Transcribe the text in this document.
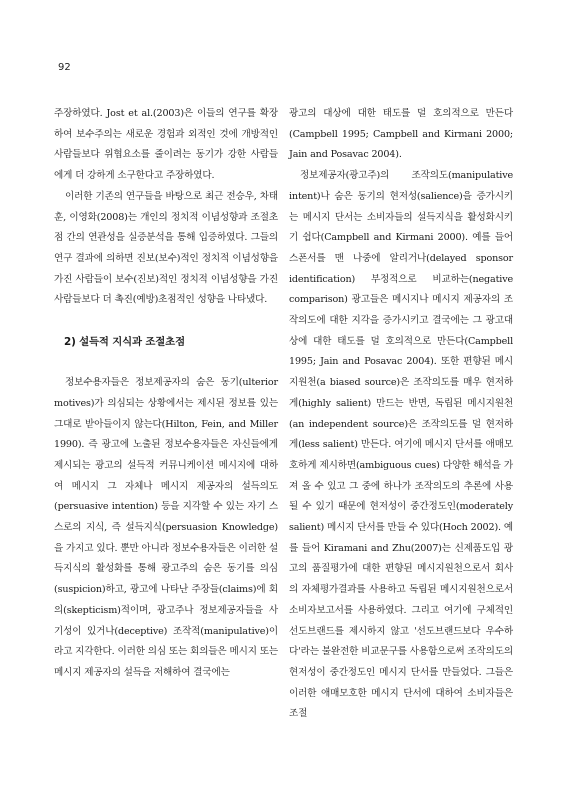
92

주장하였다. Jost et al.(2003)은 이들의 연구를 확장하여 보수주의는 새로운 경험과 외적인 것에 개방적인 사람들보다 위협요소를 줄이려는 동기가 강한 사람들에게 더 강하게 소구한다고 주장하였다.

이러한 기존의 연구들을 바탕으로 최근 전승우, 차태훈, 이영화(2008)는 개인의 정치적 이념성향과 조절초점 간의 연관성을 실증분석을 통해 입증하였다. 그들의 연구 결과에 의하면 진보(보수)적인 정치적 이념성향을 가진 사람들이 보수(진보)적인 정치적 이념성향을 가진 사람들보다 더 촉진(예방)초점적인 성향을 나타냈다.

2) 설득적 지식과 조절초점

정보수용자들은 정보제공자의 숨은 동기(ulterior motives)가 의심되는 상황에서는 제시된 정보를 있는 그대로 받아들이지 않는다(Hilton, Fein, and Miller 1990). 즉 광고에 노출된 정보수용자들은 자신들에게 제시되는 광고의 설득적 커뮤니케이션 메시지에 대하여 메시지 그 자체나 메시지 제공자의 설득의도(persuasive intention) 등을 지각할 수 있는 자기 스스로의 지식, 즉 설득지식(persuasion Knowledge)을 가지고 있다. 뿐만 아니라 정보수용자들은 이러한 설득지식의 활성화를 통해 광고주의 숨은 동기를 의심(suspicion)하고, 광고에 나타난 주장들(claims)에 회의(skepticism)적이며, 광고주나 정보제공자들을 사기성이 있거나(deceptive) 조작적(manipulative)이라고 지각한다. 이러한 의심 또는 회의들은 메시지 또는 메시지 제공자의 설득을 저해하여 결국에는

광고의 대상에 대한 태도를 덜 호의적으로 만든다(Campbell 1995; Campbell and Kirmani 2000; Jain and Posavac 2004).

정보제공자(광고주)의 조작의도(manipulative intent)나 숨은 동기의 현저성(salience)을 증가시키는 메시지 단서는 소비자들의 설득지식을 활성화시키기 쉽다(Campbell and Kirmani 2000). 예를 들어 스폰서를 맨 나중에 알리거나(delayed sponsor identification) 부정적으로 비교하는(negative comparison) 광고들은 메시지나 메시지 제공자의 조작의도에 대한 지각을 증가시키고 결국에는 그 광고대상에 대한 태도를 덜 호의적으로 만든다(Campbell 1995; Jain and Posavac 2004). 또한 편향된 메시지원천(a biased source)은 조작의도를 매우 현저하게(highly salient) 만드는 반면, 독립된 메시지원천(an independent source)은 조작의도를 덜 현저하게(less salient) 만든다. 여기에 메시지 단서를 애매모호하게 제시하면(ambiguous cues) 다양한 해석을 가져 올 수 있고 그 중에 하나가 조작의도의 추론에 사용될 수 있기 때문에 현저성이 중간정도인(moderately salient) 메시지 단서를 만들 수 있다(Hoch 2002). 예를 들어 Kiramani and Zhu(2007)는 신제품도입 광고의 품질평가에 대한 편향된 메시지원천으로서 회사의 자체평가결과를 사용하고 독립된 메시지원천으로서 소비자보고서를 사용하였다. 그리고 여기에 구체적인 선도브랜드를 제시하지 않고 '선도브랜드보다 우수하다'라는 불완전한 비교문구를 사용함으로써 조작의도의 현저성이 중간정도인 메시지 단서를 만들었다. 그들은 이러한 애매모호한 메시지 단서에 대하여 소비자들은 조절
